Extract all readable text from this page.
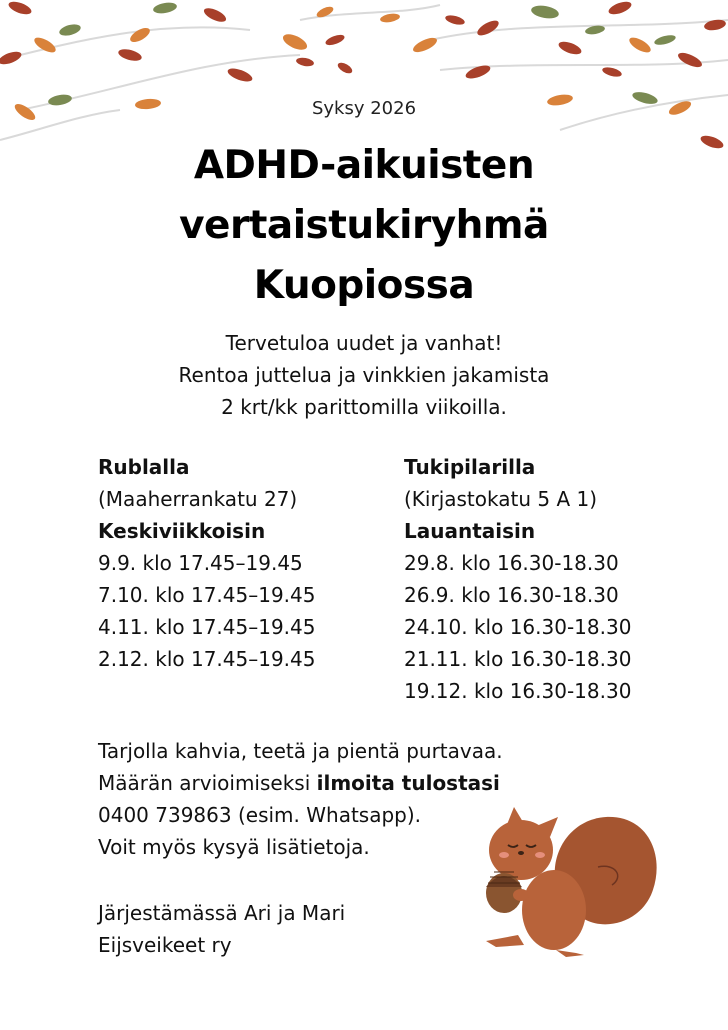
Syksy 2026
ADHD-aikuisten
vertaistukiryhmä
Kuopiossa
Tervetuloa uudet ja vanhat!
Rentoa juttelua ja vinkkien jakamista
2 krt/kk parittomilla viikoilla.
Rublalla
(Maaherrankatu 27)
Keskiviikkoisin
9.9. klo 17.45–19.45
7.10. klo 17.45–19.45
4.11. klo 17.45–19.45
2.12. klo 17.45–19.45
Tukipilarilla
(Kirjastokatu 5 A 1)
Lauantaisin
29.8. klo 16.30-18.30
26.9. klo 16.30-18.30
24.10. klo 16.30-18.30
21.11. klo 16.30-18.30
19.12. klo 16.30-18.30
Tarjolla kahvia, teetä ja pientä purtavaa.
Määrän arvioimiseksi ilmoita tulostasi
0400 739863 (esim. Whatsapp).
Voit myös kysyä lisätietoja.
Järjestämässä Ari ja Mari
Eijsveikeet ry
